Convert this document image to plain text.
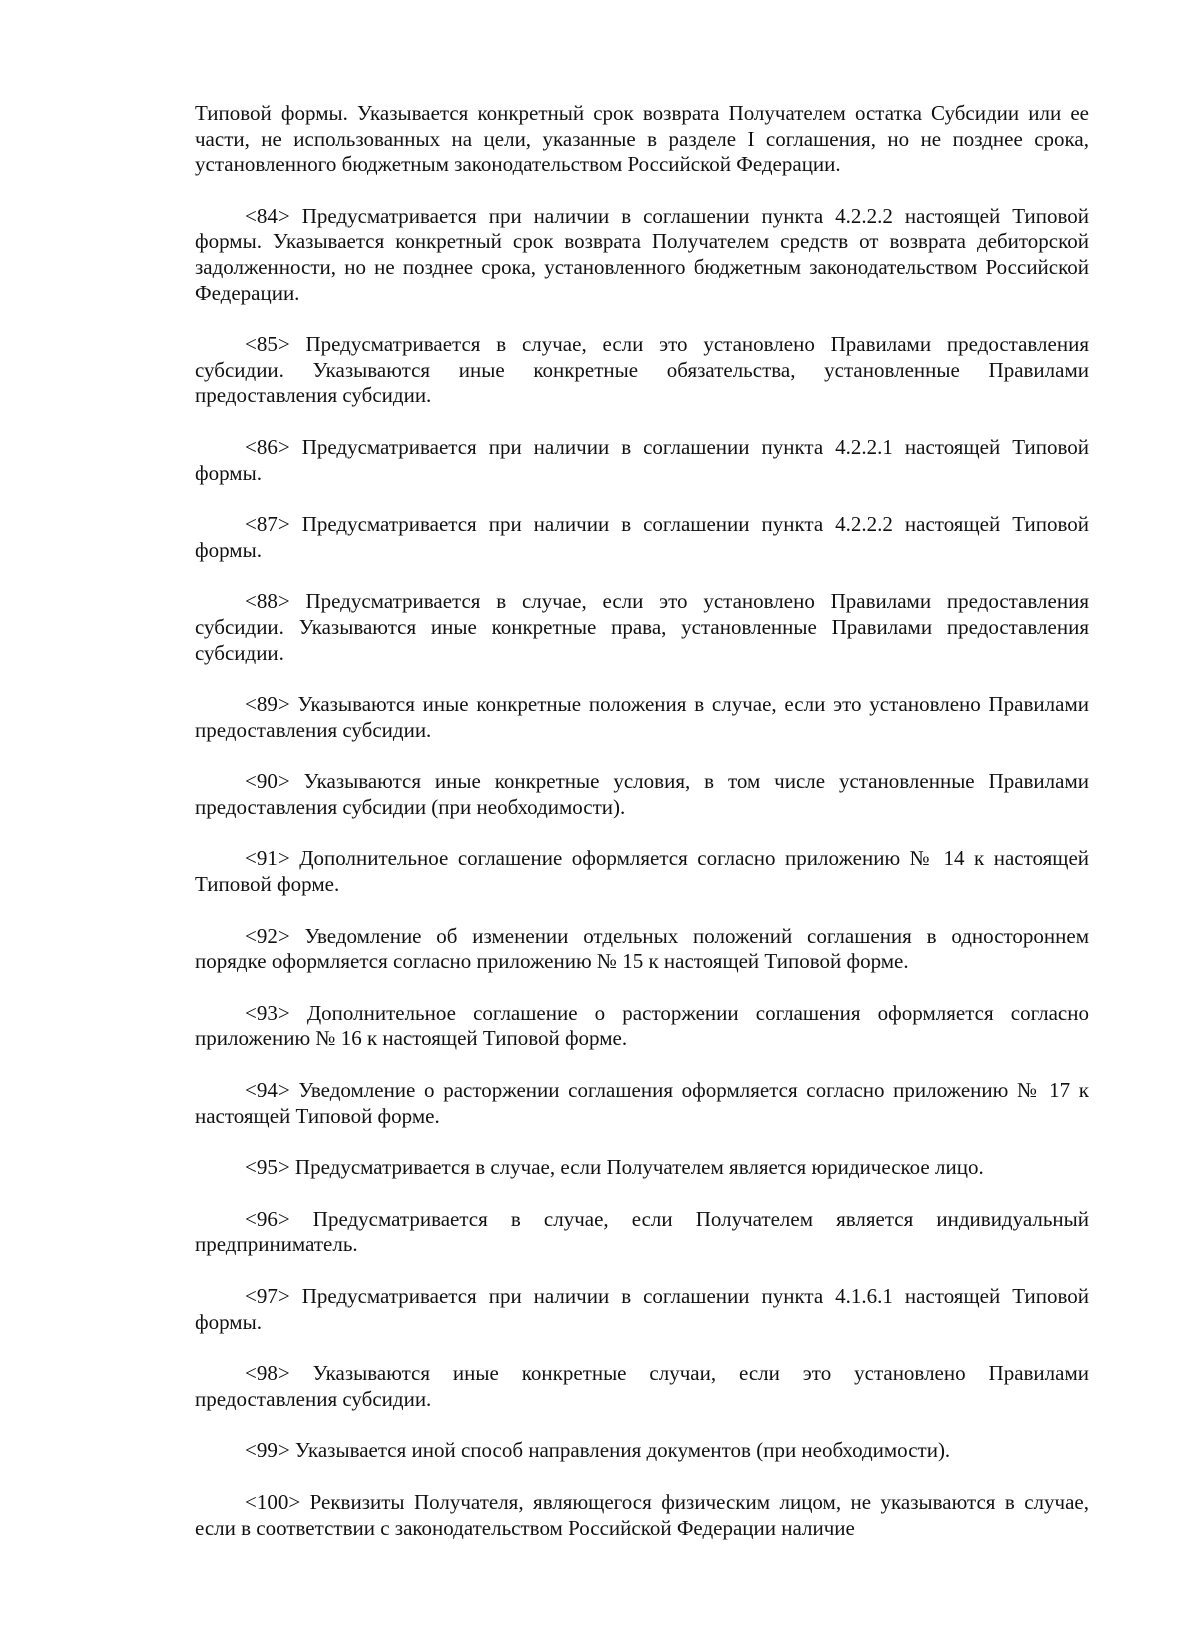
Типовой формы. Указывается конкретный срок возврата Получателем остатка Субсидии или ее части, не использованных на цели, указанные в разделе I соглашения, но не позднее срока, установленного бюджетным законодательством Российской Федерации.

<84> Предусматривается при наличии в соглашении пункта 4.2.2.2 настоящей Типовой формы. Указывается конкретный срок возврата Получателем средств от возврата дебиторской задолженности, но не позднее срока, установленного бюджетным законодательством Российской Федерации.

<85> Предусматривается в случае, если это установлено Правилами предоставления субсидии. Указываются иные конкретные обязательства, установленные Правилами предоставления субсидии.

<86> Предусматривается при наличии в соглашении пункта 4.2.2.1 настоящей Типовой формы.

<87> Предусматривается при наличии в соглашении пункта 4.2.2.2 настоящей Типовой формы.

<88> Предусматривается в случае, если это установлено Правилами предоставления субсидии. Указываются иные конкретные права, установленные Правилами предоставления субсидии.

<89> Указываются иные конкретные положения в случае, если это установлено Правилами предоставления субсидии.

<90> Указываются иные конкретные условия, в том числе установленные Правилами предоставления субсидии (при необходимости).

<91> Дополнительное соглашение оформляется согласно приложению № 14 к настоящей Типовой форме.

<92> Уведомление об изменении отдельных положений соглашения в одностороннем порядке оформляется согласно приложению № 15 к настоящей Типовой форме.

<93> Дополнительное соглашение о расторжении соглашения оформляется согласно приложению № 16 к настоящей Типовой форме.

<94> Уведомление о расторжении соглашения оформляется согласно приложению № 17 к настоящей Типовой форме.

<95> Предусматривается в случае, если Получателем является юридическое лицо.

<96> Предусматривается в случае, если Получателем является индивидуальный предприниматель.

<97> Предусматривается при наличии в соглашении пункта 4.1.6.1 настоящей Типовой формы.

<98> Указываются иные конкретные случаи, если это установлено Правилами предоставления субсидии.

<99> Указывается иной способ направления документов (при необходимости).

<100> Реквизиты Получателя, являющегося физическим лицом, не указываются в случае, если в соответствии с законодательством Российской Федерации наличие
